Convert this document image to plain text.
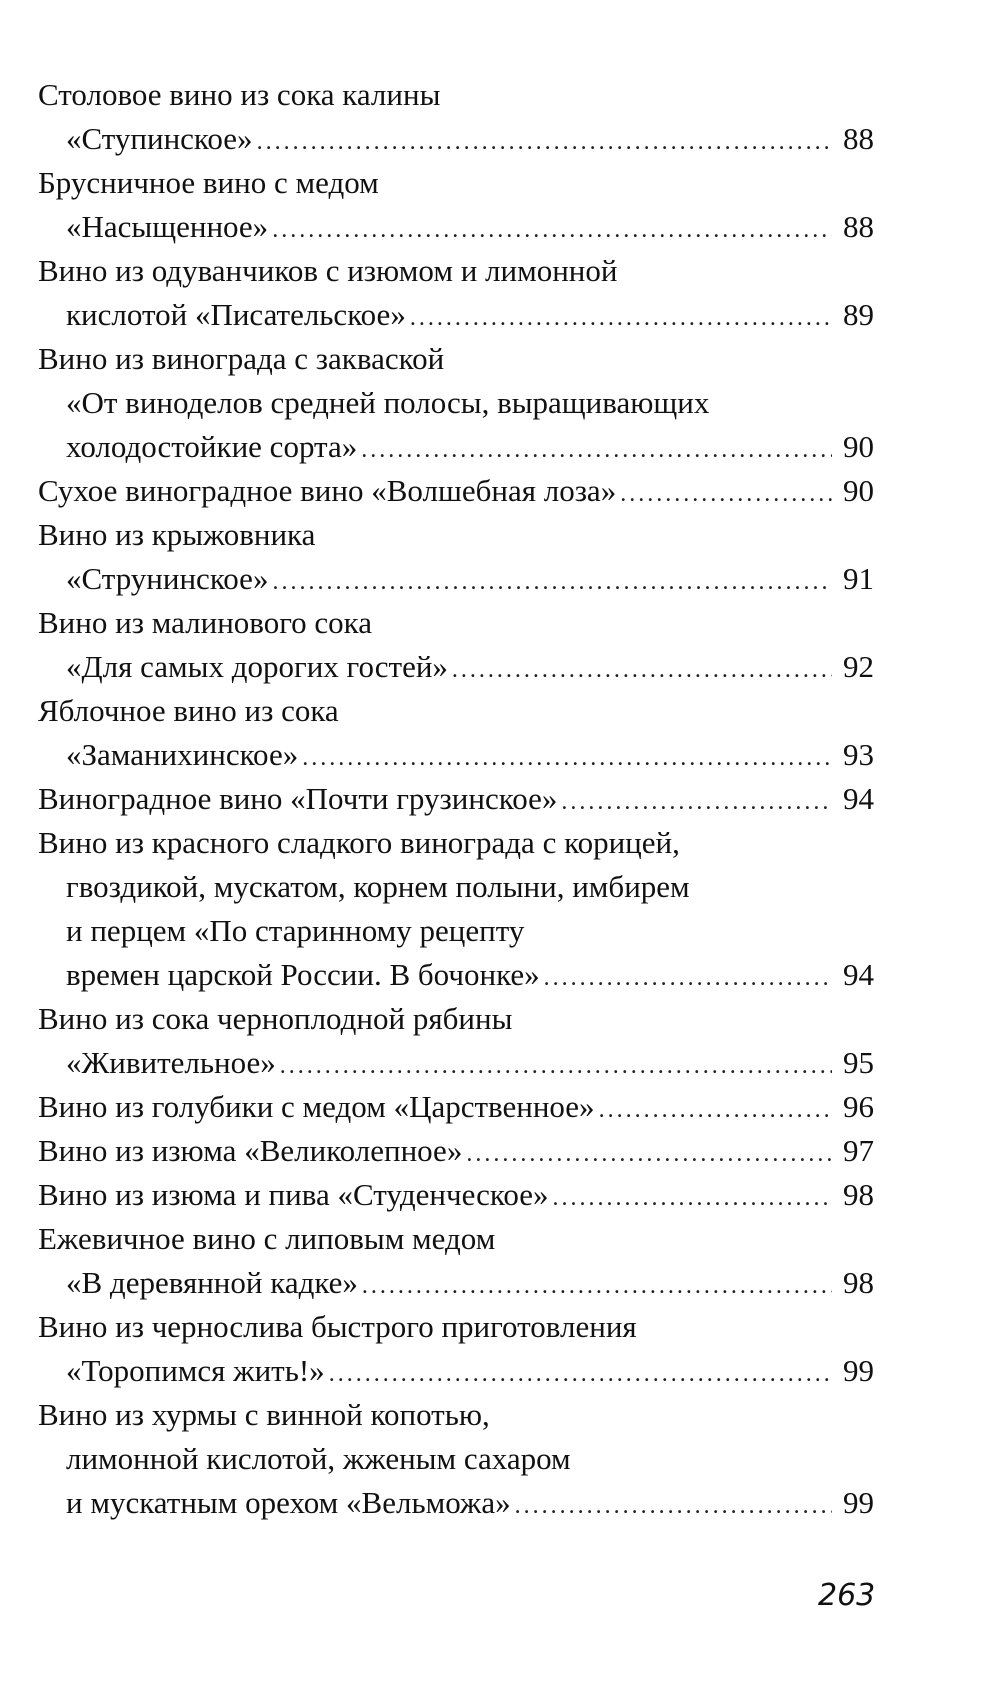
Столовое вино из сока калины
«Ступинское» .....	88
Брусничное вино с медом
«Насыщенное» .....	88
Вино из одуванчиков с изюмом и лимонной
кислотой «Писательское» .....	89
Вино из винограда с закваской
«От виноделов средней полосы, выращивающих
холодостойкие сорта» .....	90
Сухое виноградное вино «Волшебная лоза» .....	90
Вино из крыжовника
«Струнинское» .....	91
Вино из малинового сока
«Для самых дорогих гостей» .....	92
Яблочное вино из сока
«Заманихинское» .....	93
Виноградное вино «Почти грузинское» .....	94
Вино из красного сладкого винограда с корицей,
гвоздикой, мускатом, корнем полыни, имбирем
и перцем «По старинному рецепту
времен царской России. В бочонке» .....	94
Вино из сока черноплодной рябины
«Живительное» .....	95
Вино из голубики с медом «Царственное» .....	96
Вино из изюма «Великолепное» .....	97
Вино из изюма и пива «Студенческое» .....	98
Ежевичное вино с липовым медом
«В деревянной кадке» .....	98
Вино из чернослива быстрого приготовления
«Торопимся жить!» .....	99
Вино из хурмы с винной копотью,
лимонной кислотой, жженым сахаром
и мускатным орехом «Вельможа» .....	99
263
